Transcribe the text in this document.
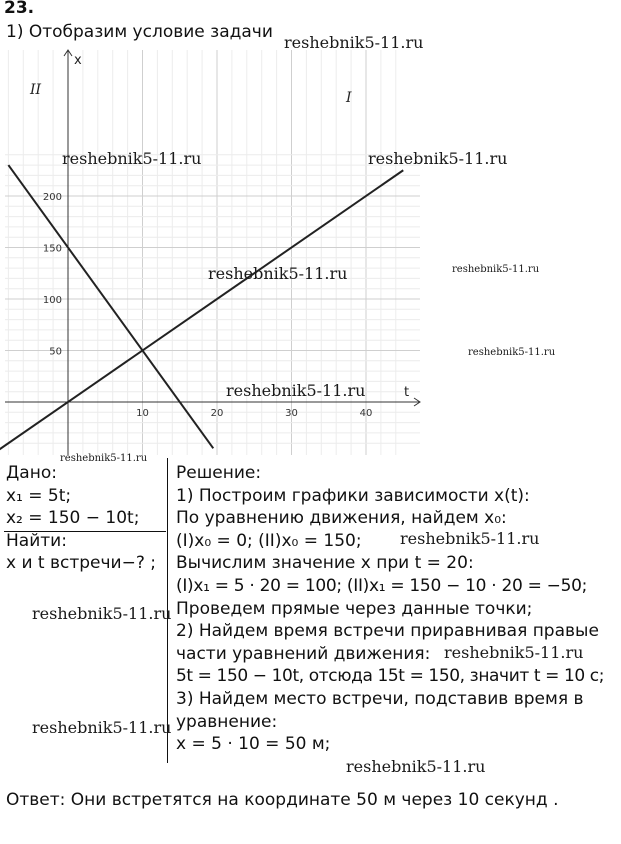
23.
1) Отобразим условие задачи
t
x
10	20	30	40
50
100
150
200
I
II
Дано:
x₁ = 5t;
x₂ = 150 − 10t;
Найти:
x и t встречи−? ;
Решение:
1) Построим графики зависимости x(t):
По уравнению движения, найдем x₀:
(I)x₀ = 0; (II)x₀ = 150;
Вычислим значение x при t = 20:
(I)x₁ = 5 · 20 = 100; (II)x₁ = 150 − 10 · 20 = −50;
Проведем прямые через данные точки;
2) Найдем время встречи приравнивая правые
части уравнений движения:
5t = 150 − 10t, отсюда 15t = 150, значит t = 10 с;
3) Найдем место встречи, подставив время в
уравнение:
x = 5 · 10 = 50 м;
Ответ: Они встретятся на координате 50 м через 10 секунд .
reshebnik5-11.ru
reshebnik5-11.ru	reshebnik5-11.ru
reshebnik5-11.ru	reshebnik5-11.ru
reshebnik5-11.ru
reshebnik5-11.ru
reshebnik5-11.ru
reshebnik5-11.ru
reshebnik5-11.ru
reshebnik5-11.ru
reshebnik5-11.ru
reshebnik5-11.ru
